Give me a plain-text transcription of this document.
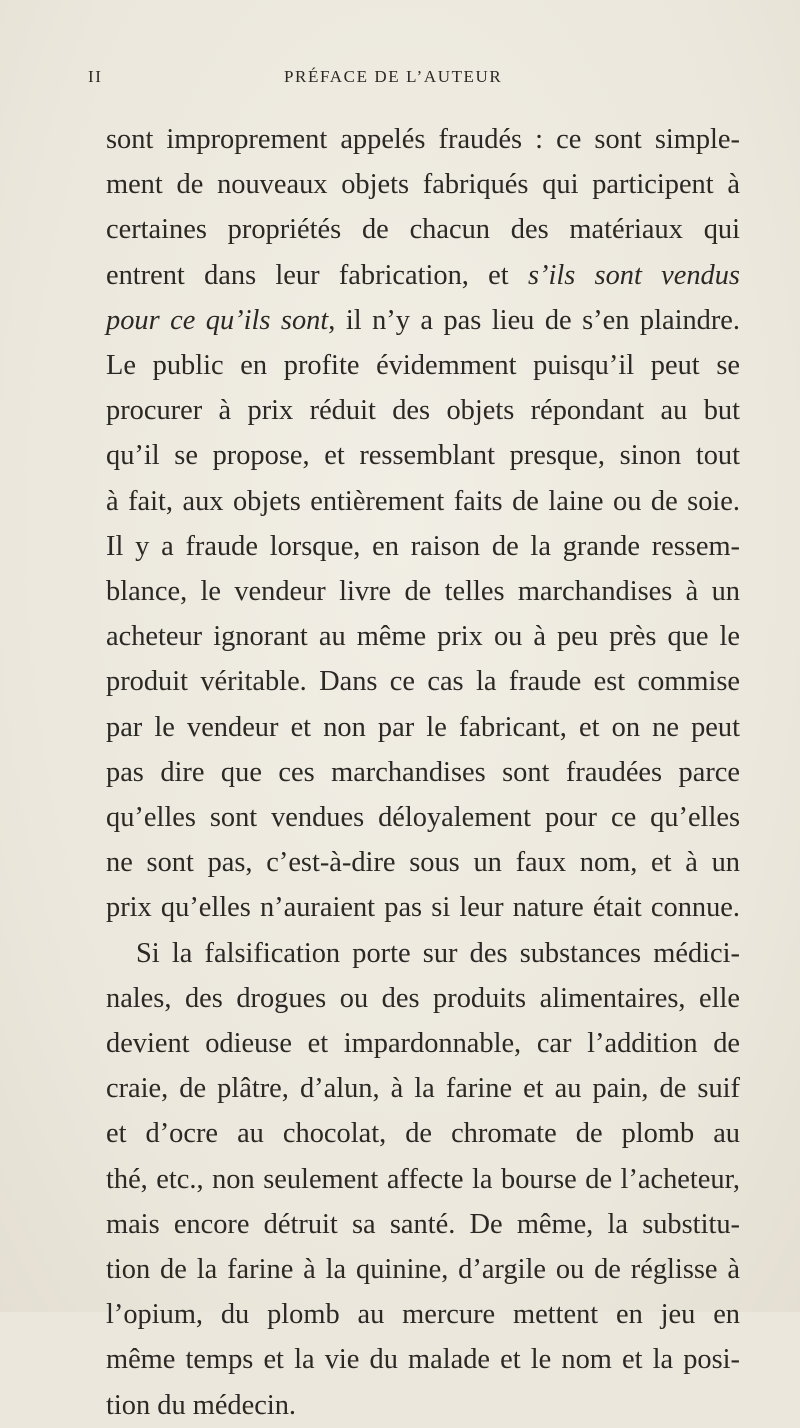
II	PRÉFACE DE L’AUTEUR
sont improprement appelés fraudés : ce sont simple-
ment de nouveaux objets fabriqués qui participent à
certaines propriétés de chacun des matériaux qui
entrent dans leur fabrication, et s’ils sont vendus
pour ce qu’ils sont, il n’y a pas lieu de s’en plaindre.
Le public en profite évidemment puisqu’il peut se
procurer à prix réduit des objets répondant au but
qu’il se propose, et ressemblant presque, sinon tout
à fait, aux objets entièrement faits de laine ou de soie.
Il y a fraude lorsque, en raison de la grande ressem-
blance, le vendeur livre de telles marchandises à un
acheteur ignorant au même prix ou à peu près que le
produit véritable. Dans ce cas la fraude est commise
par le vendeur et non par le fabricant, et on ne peut
pas dire que ces marchandises sont fraudées parce
qu’elles sont vendues déloyalement pour ce qu’elles
ne sont pas, c’est-à-dire sous un faux nom, et à un
prix qu’elles n’auraient pas si leur nature était connue.
Si la falsification porte sur des substances médici-
nales, des drogues ou des produits alimentaires, elle
devient odieuse et impardonnable, car l’addition de
craie, de plâtre, d’alun, à la farine et au pain, de suif
et d’ocre au chocolat, de chromate de plomb au
thé, etc., non seulement affecte la bourse de l’acheteur,
mais encore détruit sa santé. De même, la substitu-
tion de la farine à la quinine, d’argile ou de réglisse à
l’opium, du plomb au mercure mettent en jeu en
même temps et la vie du malade et le nom et la posi-
tion du médecin.
